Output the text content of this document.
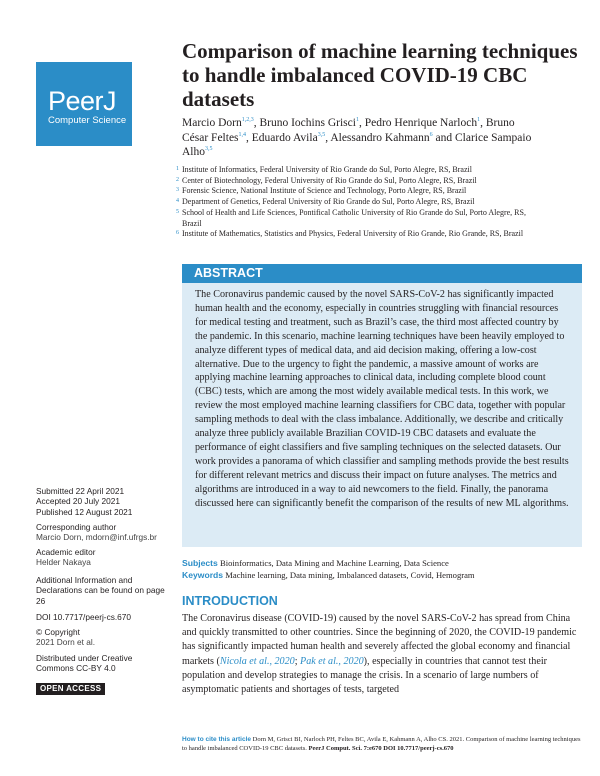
PeerJ
Computer Science
Comparison of machine learning techniques to handle imbalanced COVID-19 CBC datasets
Marcio Dorn$^{1,2,3}$, Bruno Iochins Grisci$^1$, Pedro Henrique Narloch$^1$, Bruno César Feltes$^{1,4}$, Eduardo Avila$^{3,5}$, Alessandro Kahmann$^6$ and Clarice Sampaio Alho$^{3,5}$
1 Institute of Informatics, Federal University of Rio Grande do Sul, Porto Alegre, RS, Brazil
2 Center of Biotechnology, Federal University of Rio Grande do Sul, Porto Alegre, RS, Brazil
3 Forensic Science, National Institute of Science and Technology, Porto Alegre, RS, Brazil
4 Department of Genetics, Federal University of Rio Grande do Sul, Porto Alegre, RS, Brazil
5 School of Health and Life Sciences, Pontifical Catholic University of Rio Grande do Sul, Porto Alegre, RS, Brazil
6 Institute of Mathematics, Statistics and Physics, Federal University of Rio Grande, Rio Grande, RS, Brazil
ABSTRACT

The Coronavirus pandemic caused by the novel SARS-CoV-2 has significantly impacted human health and the economy, especially in countries struggling with financial resources for medical testing and treatment, such as Brazil’s case, the third most affected country by the pandemic. In this scenario, machine learning techniques have been heavily employed to analyze different types of medical data, and aid decision making, offering a low-cost alternative. Due to the urgency to fight the pandemic, a massive amount of works are applying machine learning approaches to clinical data, including complete blood count (CBC) tests, which are among the most widely available medical tests. In this work, we review the most employed machine learning classifiers for CBC data, together with popular sampling methods to deal with the class imbalance. Additionally, we describe and critically analyze three publicly available Brazilian COVID-19 CBC datasets and evaluate the performance of eight classifiers and five sampling techniques on the selected datasets. Our work provides a panorama of which classifier and sampling methods provide the best results for different relevant metrics and discuss their impact on future analyses. The metrics and algorithms are introduced in a way to aid newcomers to the field. Finally, the panorama discussed here can significantly benefit the comparison of the results of new ML algorithms.

Submitted 22 April 2021
Accepted 20 July 2021
Published 12 August 2021
Corresponding author
Marcio Dorn, mdorn@inf.ufrgs.br
Academic editor
Helder Nakaya
Additional Information and Declarations can be found on page 26
DOI 10.7717/peerj-cs.670
© Copyright
2021 Dorn et al.
Distributed under Creative Commons CC-BY 4.0
OPEN ACCESS
Subjects Bioinformatics, Data Mining and Machine Learning, Data Science
Keywords Machine learning, Data mining, Imbalanced datasets, Covid, Hemogram
INTRODUCTION

The Coronavirus disease (COVID-19) caused by the novel SARS-CoV-2 has spread from China and quickly transmitted to other countries. Since the beginning of 2020, the COVID-19 pandemic has significantly impacted human health and severely affected the global economy and financial markets (Nicola et al., 2020; Pak et al., 2020), especially in countries that cannot test their population and develop strategies to manage the crisis. In a scenario of large numbers of asymptomatic patients and shortages of tests, targeted

How to cite this article Dorn M, Grisci BI, Narloch PH, Feltes BC, Avila E, Kahmann A, Alho CS. 2021. Comparison of machine learning techniques to handle imbalanced COVID-19 CBC datasets. PeerJ Comput. Sci. 7:e670 DOI 10.7717/peerj-cs.670
